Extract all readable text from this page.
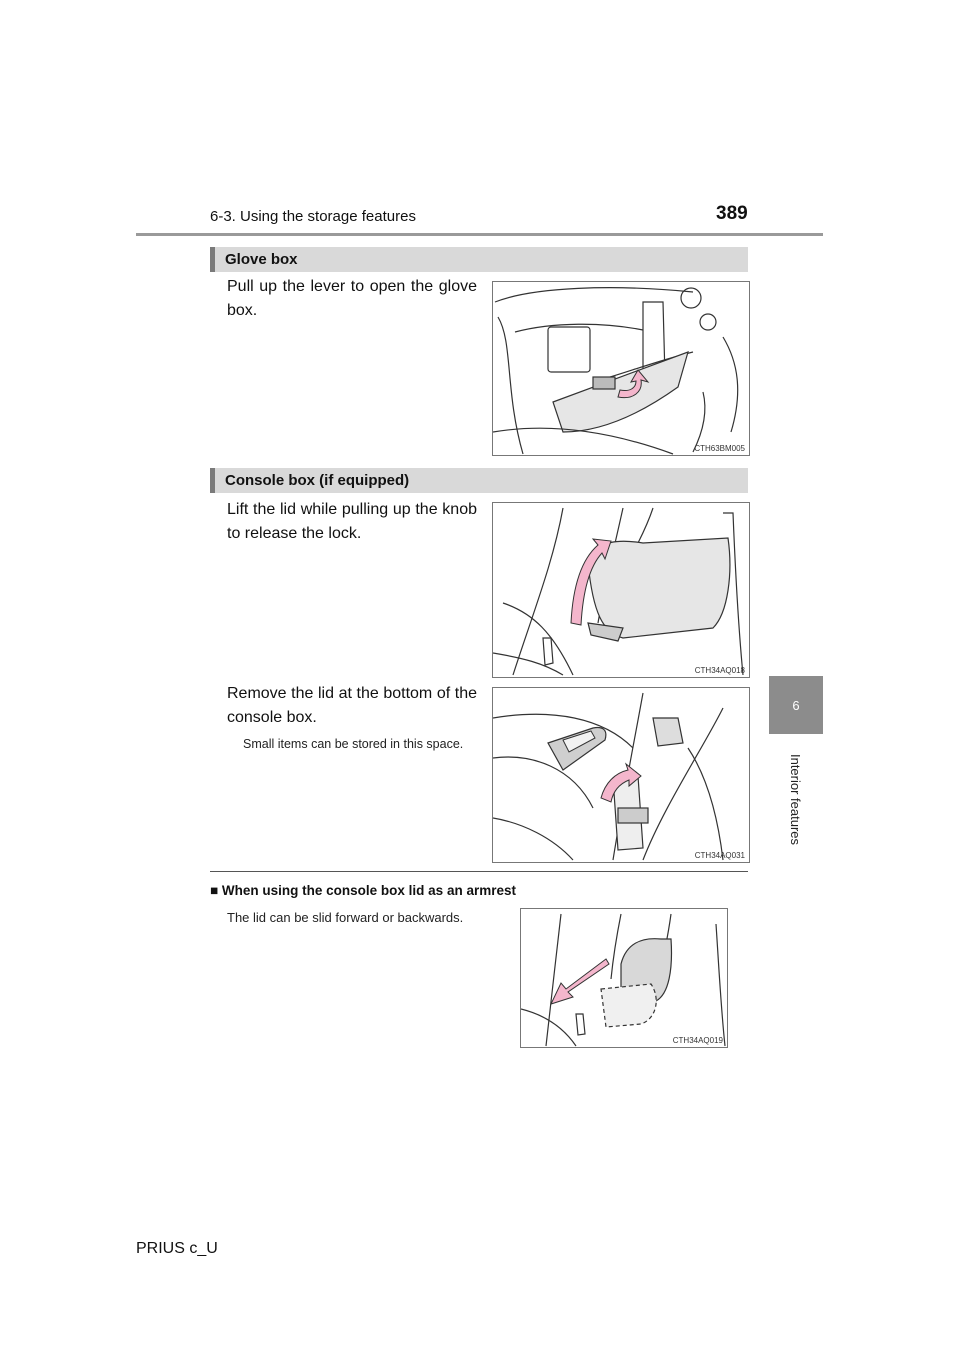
6-3. Using the storage features	389
6
Interior features
Glove box
Pull up the lever to open the glove box.
CTH63BM005
Console box (if equipped)
Lift the lid while pulling up the knob to release the lock.
CTH34AQ018
Remove the lid at the bottom of the console box.
Small items can be stored in this space.
CTH34AQ031
■ When using the console box lid as an armrest
The lid can be slid forward or backwards.
CTH34AQ019
PRIUS c_U
